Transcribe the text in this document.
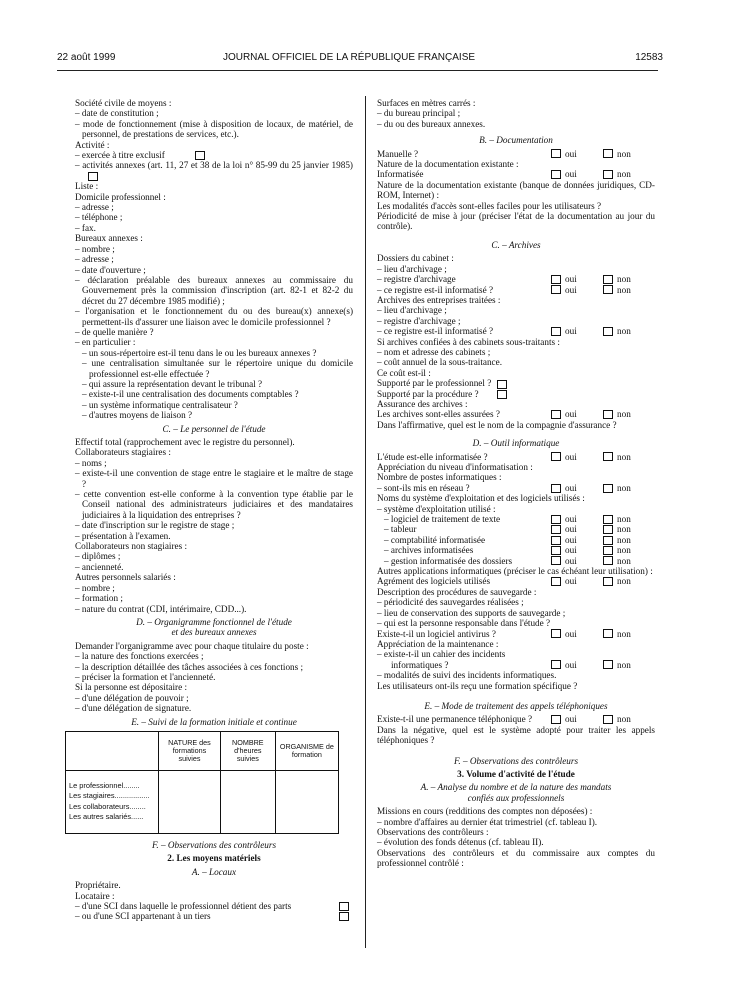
22 août 1999	JOURNAL OFFICIEL DE LA RÉPUBLIQUE FRANÇAISE	12583
Société civile de moyens :
– date de constitution ;
– mode de fonctionnement (mise à disposition de locaux, de matériel, de personnel, de prestations de services, etc.).
Activité :
– exercée à titre exclusif
– activités annexes (art. 11, 27 et 38 de la loi n° 85-99 du 25 janvier 1985)
Liste :
Domicile professionnel :
– adresse ;
– téléphone ;
– fax.
Bureaux annexes :
– nombre ;
– adresse ;
– date d'ouverture ;
– déclaration préalable des bureaux annexes au commissaire du Gouvernement près la commission d'inscription (art. 82-1 et 82-2 du décret du 27 décembre 1985 modifié) ;
– l'organisation et le fonctionnement du ou des bureau(x) annexe(s) permettent-ils d'assurer une liaison avec le domicile professionnel ?
– de quelle manière ?
– en particulier :
– un sous-répertoire est-il tenu dans le ou les bureaux annexes ?
– une centralisation simultanée sur le répertoire unique du domicile professionnel est-elle effectuée ?
– qui assure la représentation devant le tribunal ?
– existe-t-il une centralisation des documents comptables ?
– un système informatique centralisateur ?
– d'autres moyens de liaison ?
C. – Le personnel de l'étude
Effectif total (rapprochement avec le registre du personnel).
Collaborateurs stagiaires :
– noms ;
– existe-t-il une convention de stage entre le stagiaire et le maître de stage ?
– cette convention est-elle conforme à la convention type établie par le Conseil national des administrateurs judiciaires et des mandataires judiciaires à la liquidation des entreprises ?
– date d'inscription sur le registre de stage ;
– présentation à l'examen.
Collaborateurs non stagiaires :
– diplômes ;
– ancienneté.
Autres personnels salariés :
– nombre ;
– formation ;
– nature du contrat (CDI, intérimaire, CDD...).
D. – Organigramme fonctionnel de l'étude
et des bureaux annexes
Demander l'organigramme avec pour chaque titulaire du poste :
– la nature des fonctions exercées ;
– la description détaillée des tâches associées à ces fonctions ;
– préciser la formation et l'ancienneté.
Si la personne est dépositaire :
– d'une délégation de pouvoir ;
– d'une délégation de signature.
E. – Suivi de la formation initiale et continue
	NATURE des formations suivies	NOMBRE d'heures suivies	ORGANISME de formation

Le professionnel........
Les stagiaires.................
Les collaborateurs........
Les autres salariés......			

F. – Observations des contrôleurs
2. Les moyens matériels
A. – Locaux
Propriétaire.
Locataire :
– d'une SCI dans laquelle le professionnel détient des parts
– ou d'une SCI appartenant à un tiers
Surfaces en mètres carrés :
– du bureau principal ;
– du ou des bureaux annexes.
B. – Documentation
Manuelle ?	oui	non
Nature de la documentation existante :
Informatisée	oui	non
Nature de la documentation existante (banque de données juridiques, CD-ROM, Internet) :
Les modalités d'accès sont-elles faciles pour les utilisateurs ?
Périodicité de mise à jour (préciser l'état de la documentation au jour du contrôle).
C. – Archives
Dossiers du cabinet :
– lieu d'archivage ;
– registre d'archivage	oui	non
– ce registre est-il informatisé ?	oui	non
Archives des entreprises traitées :
– lieu d'archivage ;
– registre d'archivage ;
– ce registre est-il informatisé ?	oui	non
Si archives confiées à des cabinets sous-traitants :
– nom et adresse des cabinets ;
– coût annuel de la sous-traitance.
Ce coût est-il :
Supporté par le professionnel ?
Supporté par la procédure ?
Assurance des archives :
Les archives sont-elles assurées ?	oui	non
Dans l'affirmative, quel est le nom de la compagnie d'assurance ?
D. – Outil informatique
L'étude est-elle informatisée ?	oui	non
Appréciation du niveau d'informatisation :
Nombre de postes informatiques :
– sont-ils mis en réseau ?	oui	non
Noms du système d'exploitation et des logiciels utilisés :
– système d'exploitation utilisé :
– logiciel de traitement de texte	oui	non
– tableur	oui	non
– comptabilité informatisée	oui	non
– archives informatisées	oui	non
– gestion informatisée des dossiers	oui	non
Autres applications informatiques (préciser le cas échéant leur utilisation) :
Agrément des logiciels utilisés	oui	non
Description des procédures de sauvegarde :
– périodicité des sauvegardes réalisées ;
– lieu de conservation des supports de sauvegarde ;
– qui est la personne responsable dans l'étude ?
Existe-t-il un logiciel antivirus ?	oui	non
Appréciation de la maintenance :
– existe-t-il un cahier des incidents
informatiques ?	oui	non
– modalités de suivi des incidents informatiques.
Les utilisateurs ont-ils reçu une formation spécifique ?
E. – Mode de traitement des appels téléphoniques
Existe-t-il une permanence téléphonique ?	oui	non
Dans la négative, quel est le système adopté pour traiter les appels téléphoniques ?
F. – Observations des contrôleurs
3. Volume d'activité de l'étude
A. – Analyse du nombre et de la nature des mandats
confiés aux professionnels
Missions en cours (redditions des comptes non déposées) :
– nombre d'affaires au dernier état trimestriel (cf. tableau I).
Observations des contrôleurs :
– évolution des fonds détenus (cf. tableau II).
Observations des contrôleurs et du commissaire aux comptes du professionnel contrôlé :
